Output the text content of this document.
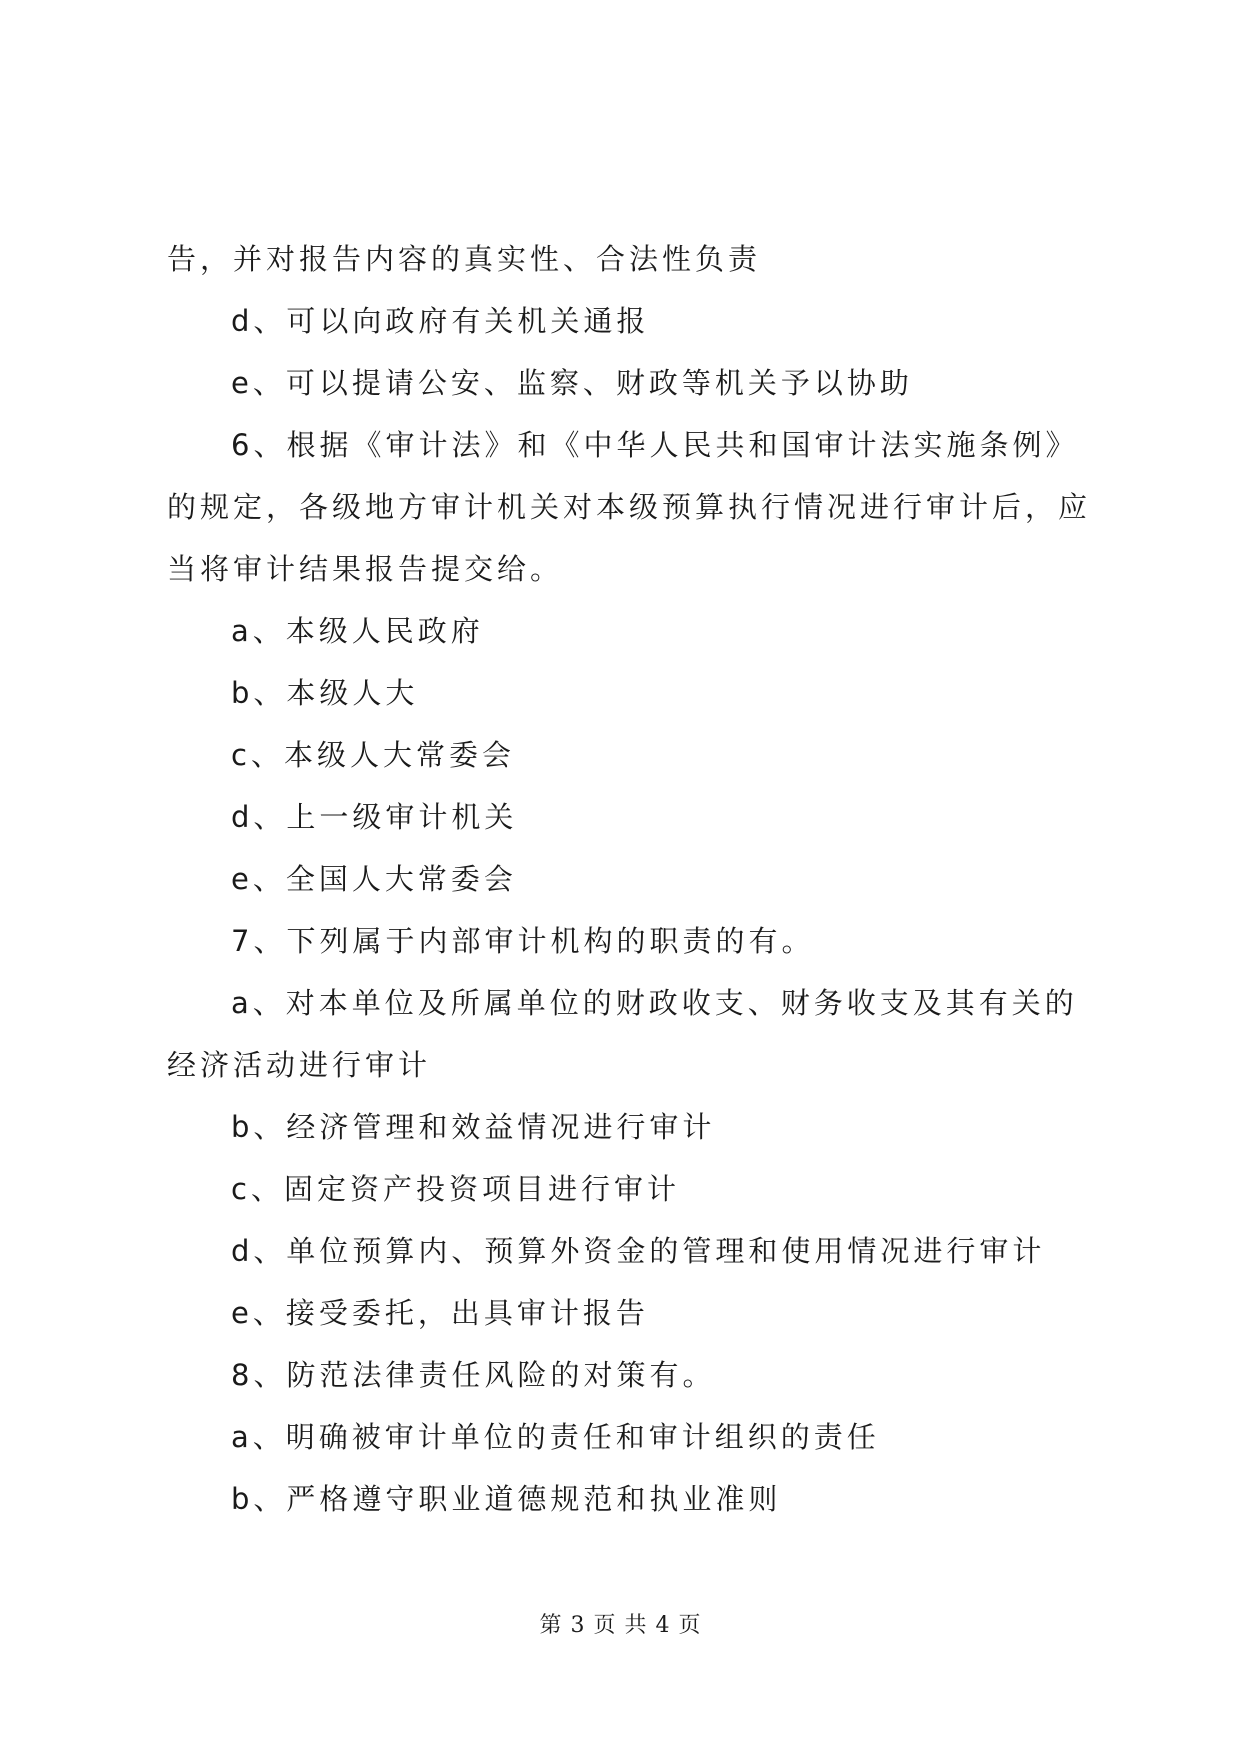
告，并对报告内容的真实性、合法性负责
d、可以向政府有关机关通报
e、可以提请公安、监察、财政等机关予以协助
6、根据《审计法》和《中华人民共和国审计法实施条例》
的规定，各级地方审计机关对本级预算执行情况进行审计后，应
当将审计结果报告提交给。
a、本级人民政府
b、本级人大
c、本级人大常委会
d、上一级审计机关
e、全国人大常委会
7、下列属于内部审计机构的职责的有。
a、对本单位及所属单位的财政收支、财务收支及其有关的
经济活动进行审计
b、经济管理和效益情况进行审计
c、固定资产投资项目进行审计
d、单位预算内、预算外资金的管理和使用情况进行审计
e、接受委托，出具审计报告
8、防范法律责任风险的对策有。
a、明确被审计单位的责任和审计组织的责任
b、严格遵守职业道德规范和执业准则
第 3 页 共 4 页
